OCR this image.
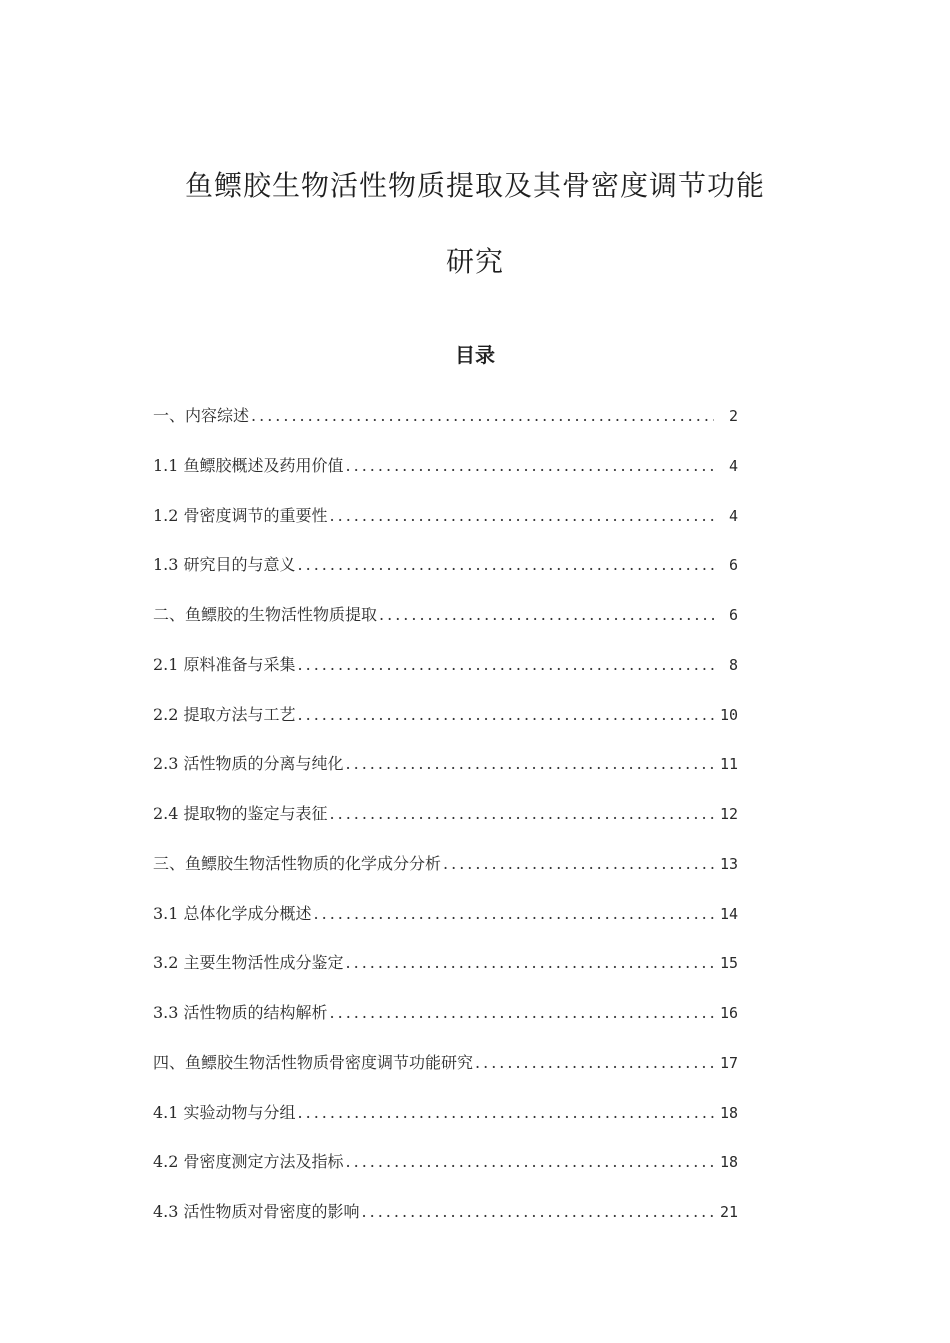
鱼鳔胶生物活性物质提取及其骨密度调节功能
研究
目录
一、内容综述 .....	2
1.1 鱼鳔胶概述及药用价值 .....	4
1.2 骨密度调节的重要性 .....	4
1.3 研究目的与意义 .....	6
二、鱼鳔胶的生物活性物质提取 .....	6
2.1 原料准备与采集 .....	8
2.2 提取方法与工艺 .....	10
2.3 活性物质的分离与纯化 .....	11
2.4 提取物的鉴定与表征 .....	12
三、鱼鳔胶生物活性物质的化学成分分析 .....	13
3.1 总体化学成分概述 .....	14
3.2 主要生物活性成分鉴定 .....	15
3.3 活性物质的结构解析 .....	16
四、鱼鳔胶生物活性物质骨密度调节功能研究 .....	17
4.1 实验动物与分组 .....	18
4.2 骨密度测定方法及指标 .....	18
4.3 活性物质对骨密度的影响 .....	21
